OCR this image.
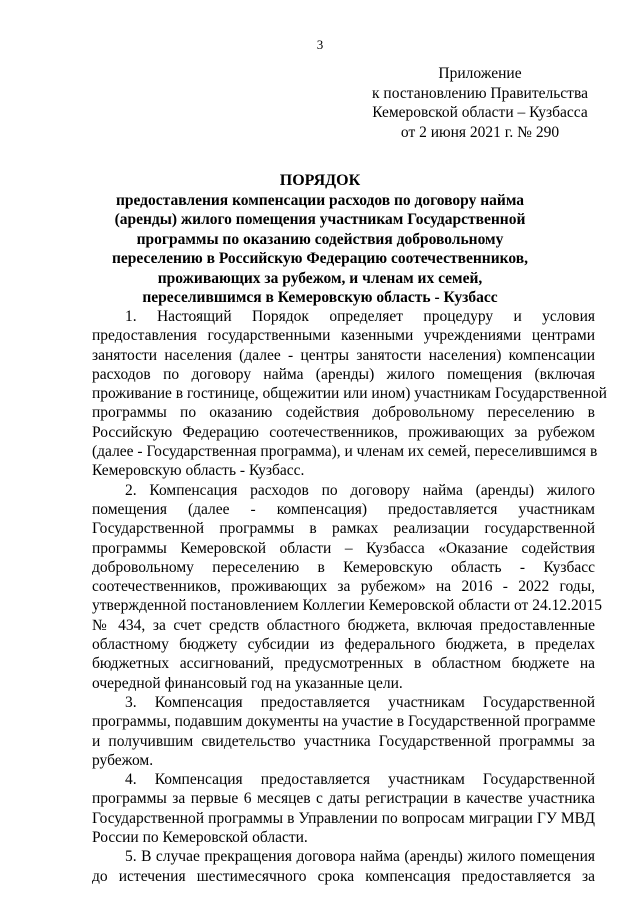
3
Приложение
к постановлению Правительства
Кемеровской области – Кузбасса
от 2 июня 2021 г. № 290
ПОРЯДОК
предоставления компенсации расходов по договору найма
(аренды) жилого помещения участникам Государственной
программы по оказанию содействия добровольному
переселению в Российскую Федерацию соотечественников,
проживающих за рубежом, и членам их семей,
переселившимся в Кемеровскую область - Кузбасс
1. Настоящий Порядок определяет процедуру и условия
предоставления государственными казенными учреждениями центрами
занятости населения (далее - центры занятости населения) компенсации
расходов по договору найма (аренды) жилого помещения (включая
проживание в гостинице, общежитии или ином) участникам Государственной
программы по оказанию содействия добровольному переселению в
Российскую Федерацию соотечественников, проживающих за рубежом
(далее - Государственная программа), и членам их семей, переселившимся в
Кемеровскую область - Кузбасс.
2. Компенсация расходов по договору найма (аренды) жилого
помещения (далее - компенсация) предоставляется участникам
Государственной программы в рамках реализации государственной
программы Кемеровской области – Кузбасса «Оказание содействия
добровольному переселению в Кемеровскую область - Кузбасс
соотечественников, проживающих за рубежом» на 2016 - 2022 годы,
утвержденной постановлением Коллегии Кемеровской области от 24.12.2015
№ 434, за счет средств областного бюджета, включая предоставленные
областному бюджету субсидии из федерального бюджета, в пределах
бюджетных ассигнований, предусмотренных в областном бюджете на
очередной финансовый год на указанные цели.
3. Компенсация предоставляется участникам Государственной
программы, подавшим документы на участие в Государственной программе
и получившим свидетельство участника Государственной программы за
рубежом.
4. Компенсация предоставляется участникам Государственной
программы за первые 6 месяцев с даты регистрации в качестве участника
Государственной программы в Управлении по вопросам миграции ГУ МВД
России по Кемеровской области.
5. В случае прекращения договора найма (аренды) жилого помещения
до истечения шестимесячного срока компенсация предоставляется за
